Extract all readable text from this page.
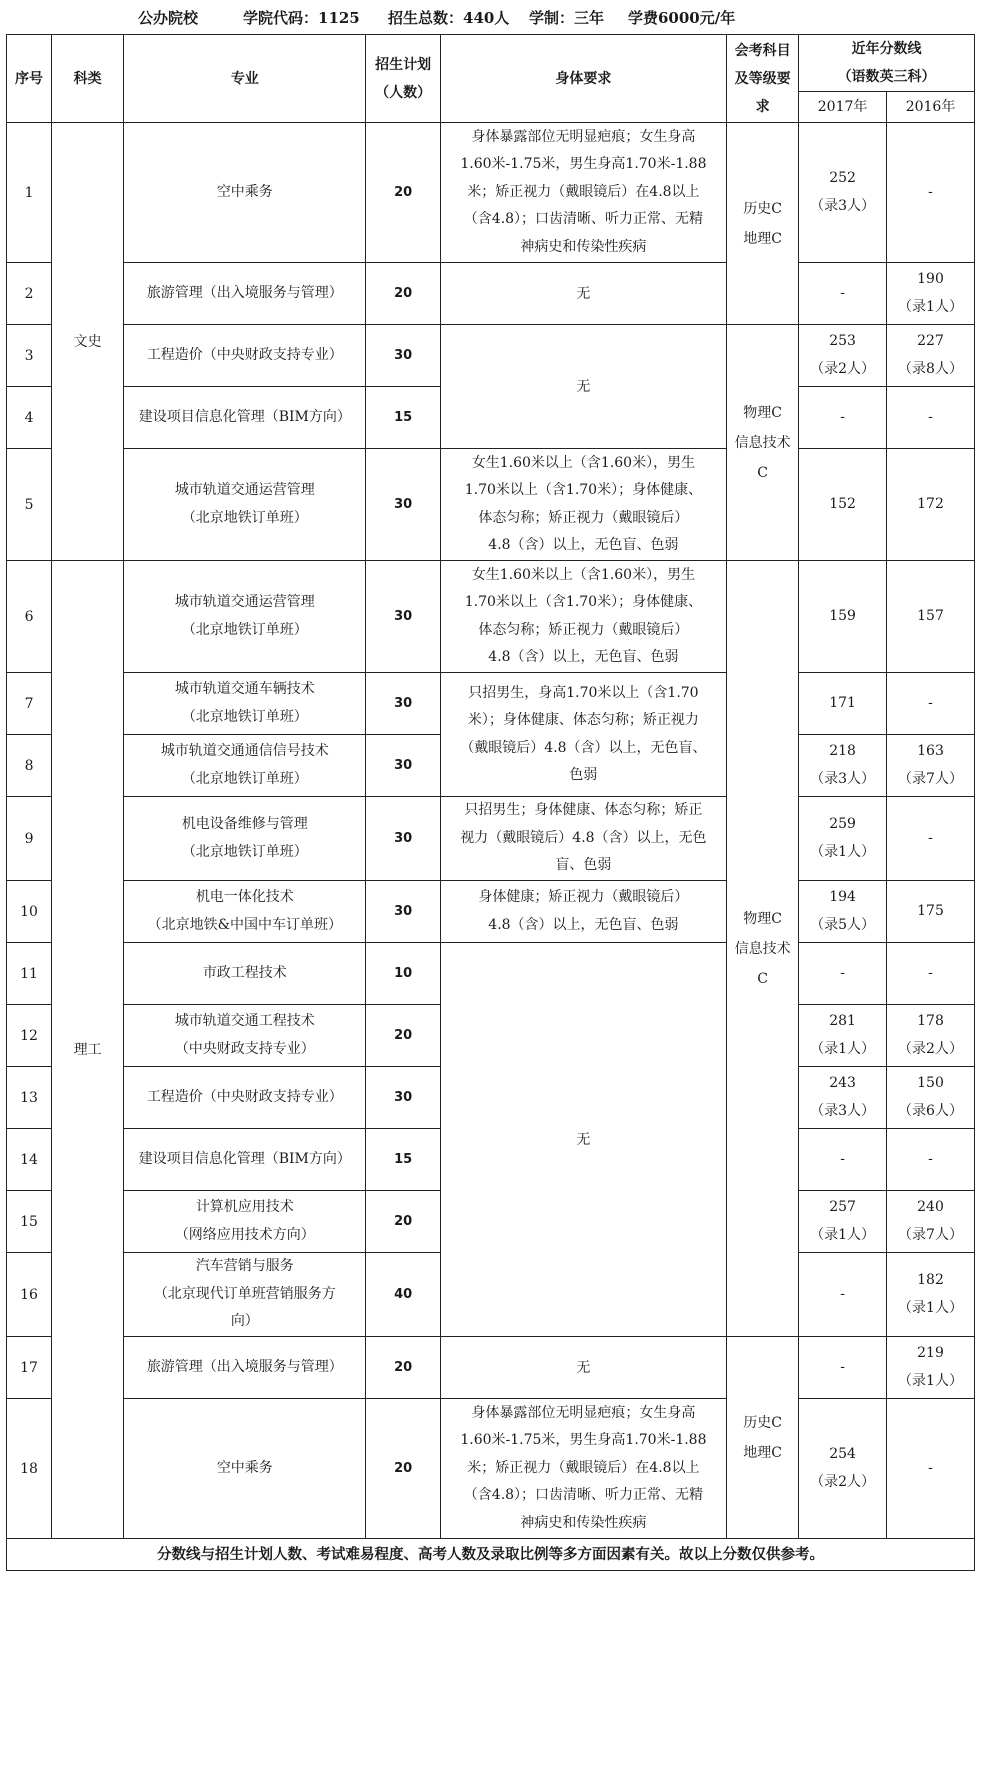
公办院校	学院代码：1125 招生总数：440人 学制：三年 学费6000元/年
序号	科类	专业	招生计划
（人数）	身体要求	会考科目
及等级要
求	近年分数线
（语数英三科）	

						2017年	2016年
1	文史	空中乘务	20	身体暴露部位无明显疤痕；女生身高
1.60米-1.75米，男生身高1.70米-1.88
米；矫正视力（戴眼镜后）在4.8以上
（含4.8）；口齿清晰、听力正常、无精
神病史和传染性疾病	历史C
地理C	252
（录3人）	-

2		旅游管理（出入境服务与管理）	20	无		-	190
（录1人）

3		工程造价（中央财政支持专业）	30	无	物理C
信息技术C	253
（录2人）	227
（录8人）

4		建设项目信息化管理（BIM方向）	15			-	-

5		城市轨道交通运营管理
（北京地铁订单班）	30	女生1.60米以上（含1.60米），男生
1.70米以上（含1.70米）；身体健康、
体态匀称；矫正视力（戴眼镜后）
4.8（含）以上，无色盲、色弱		152	172

6	理工	城市轨道交通运营管理
（北京地铁订单班）	30	女生1.60米以上（含1.60米），男生
1.70米以上（含1.70米）；身体健康、
体态匀称；矫正视力（戴眼镜后）
4.8（含）以上，无色盲、色弱	物理C
信息技术C	159	157

7		城市轨道交通车辆技术
（北京地铁订单班）	30	只招男生，身高1.70米以上（含1.70
米）；身体健康、体态匀称；矫正视力
（戴眼镜后）4.8（含）以上，无色盲、
色弱		171	-

8		城市轨道交通通信信号技术
（北京地铁订单班）	30			218
（录3人）	163
（录7人）

9		机电设备维修与管理
（北京地铁订单班）	30	只招男生；身体健康、体态匀称；矫正
视力（戴眼镜后）4.8（含）以上，无色
盲、色弱		259
（录1人）	-

10		机电一体化技术
（北京地铁&中国中车订单班）	30	身体健康；矫正视力（戴眼镜后）
4.8（含）以上，无色盲、色弱		194
（录5人）	175

11		市政工程技术	10	无		-	-

12		城市轨道交通工程技术
（中央财政支持专业）	20			281
（录1人）	178
（录2人）

13		工程造价（中央财政支持专业）	30			243
（录3人）	150
（录6人）

14		建设项目信息化管理（BIM方向）	15			-	-

15		计算机应用技术
（网络应用技术方向）	20			257
（录1人）	240
（录7人）

16		汽车营销与服务
（北京现代订单班营销服务方
向）	40			-	182
（录1人）

17		旅游管理（出入境服务与管理）	20	无	历史C
地理C	-	219
（录1人）

18		空中乘务	20	身体暴露部位无明显疤痕；女生身高
1.60米-1.75米，男生身高1.70米-1.88
米；矫正视力（戴眼镜后）在4.8以上
（含4.8）；口齿清晰、听力正常、无精
神病史和传染性疾病		254
（录2人）	-

分数线与招生计划人数、考试难易程度、高考人数及录取比例等多方面因素有关。故以上分数仅供参考。							
